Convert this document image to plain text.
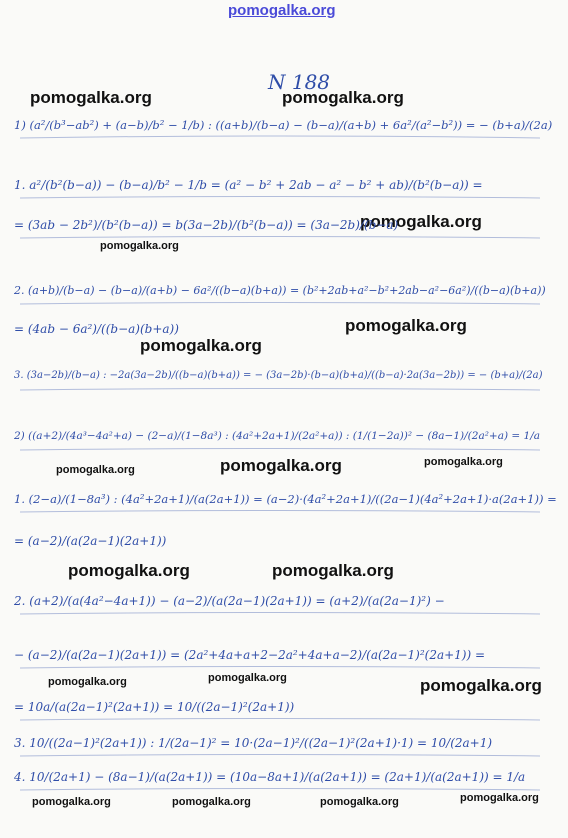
pomogalka.org
N 188
pomogalka.org	pomogalka.org
pomogalka.org
pomogalka.org
pomogalka.org
pomogalka.org
pomogalka.org	pomogalka.org	pomogalka.org
pomogalka.org	pomogalka.org
pomogalka.org	pomogalka.org	pomogalka.org
pomogalka.org	pomogalka.org	pomogalka.org	pomogalka.org
1) (a²/(b³−ab²) + (a−b)/b² − 1/b) : ((a+b)/(b−a) − (b−a)/(a+b) + 6a²/(a²−b²)) = − (b+a)/(2a)
1. a²/(b²(b−a)) − (b−a)/b² − 1/b = (a² − b² + 2ab − a² − b² + ab)/(b²(b−a)) =
= (3ab − 2b²)/(b²(b−a)) = b(3a−2b)/(b²(b−a)) = (3a−2b)/(b−a)
2. (a+b)/(b−a) − (b−a)/(a+b) − 6a²/((b−a)(b+a)) = (b²+2ab+a²−b²+2ab−a²−6a²)/((b−a)(b+a))
= (4ab − 6a²)/((b−a)(b+a))
3. (3a−2b)/(b−a) : −2a(3a−2b)/((b−a)(b+a)) = − (3a−2b)·(b−a)(b+a)/((b−a)·2a(3a−2b)) = − (b+a)/(2a)
2) ((a+2)/(4a³−4a²+a) − (2−a)/(1−8a³) : (4a²+2a+1)/(2a²+a)) : (1/(1−2a))² − (8a−1)/(2a²+a) = 1/a
1. (2−a)/(1−8a³) : (4a²+2a+1)/(a(2a+1)) = (a−2)·(4a²+2a+1)/((2a−1)(4a²+2a+1)·a(2a+1)) =
= (a−2)/(a(2a−1)(2a+1))
2. (a+2)/(a(4a²−4a+1)) − (a−2)/(a(2a−1)(2a+1)) = (a+2)/(a(2a−1)²) −
− (a−2)/(a(2a−1)(2a+1)) = (2a²+4a+a+2−2a²+4a+a−2)/(a(2a−1)²(2a+1)) =
= 10a/(a(2a−1)²(2a+1)) = 10/((2a−1)²(2a+1))
3. 10/((2a−1)²(2a+1)) : 1/(2a−1)² = 10·(2a−1)²/((2a−1)²(2a+1)·1) = 10/(2a+1)
4. 10/(2a+1) − (8a−1)/(a(2a+1)) = (10a−8a+1)/(a(2a+1)) = (2a+1)/(a(2a+1)) = 1/a
